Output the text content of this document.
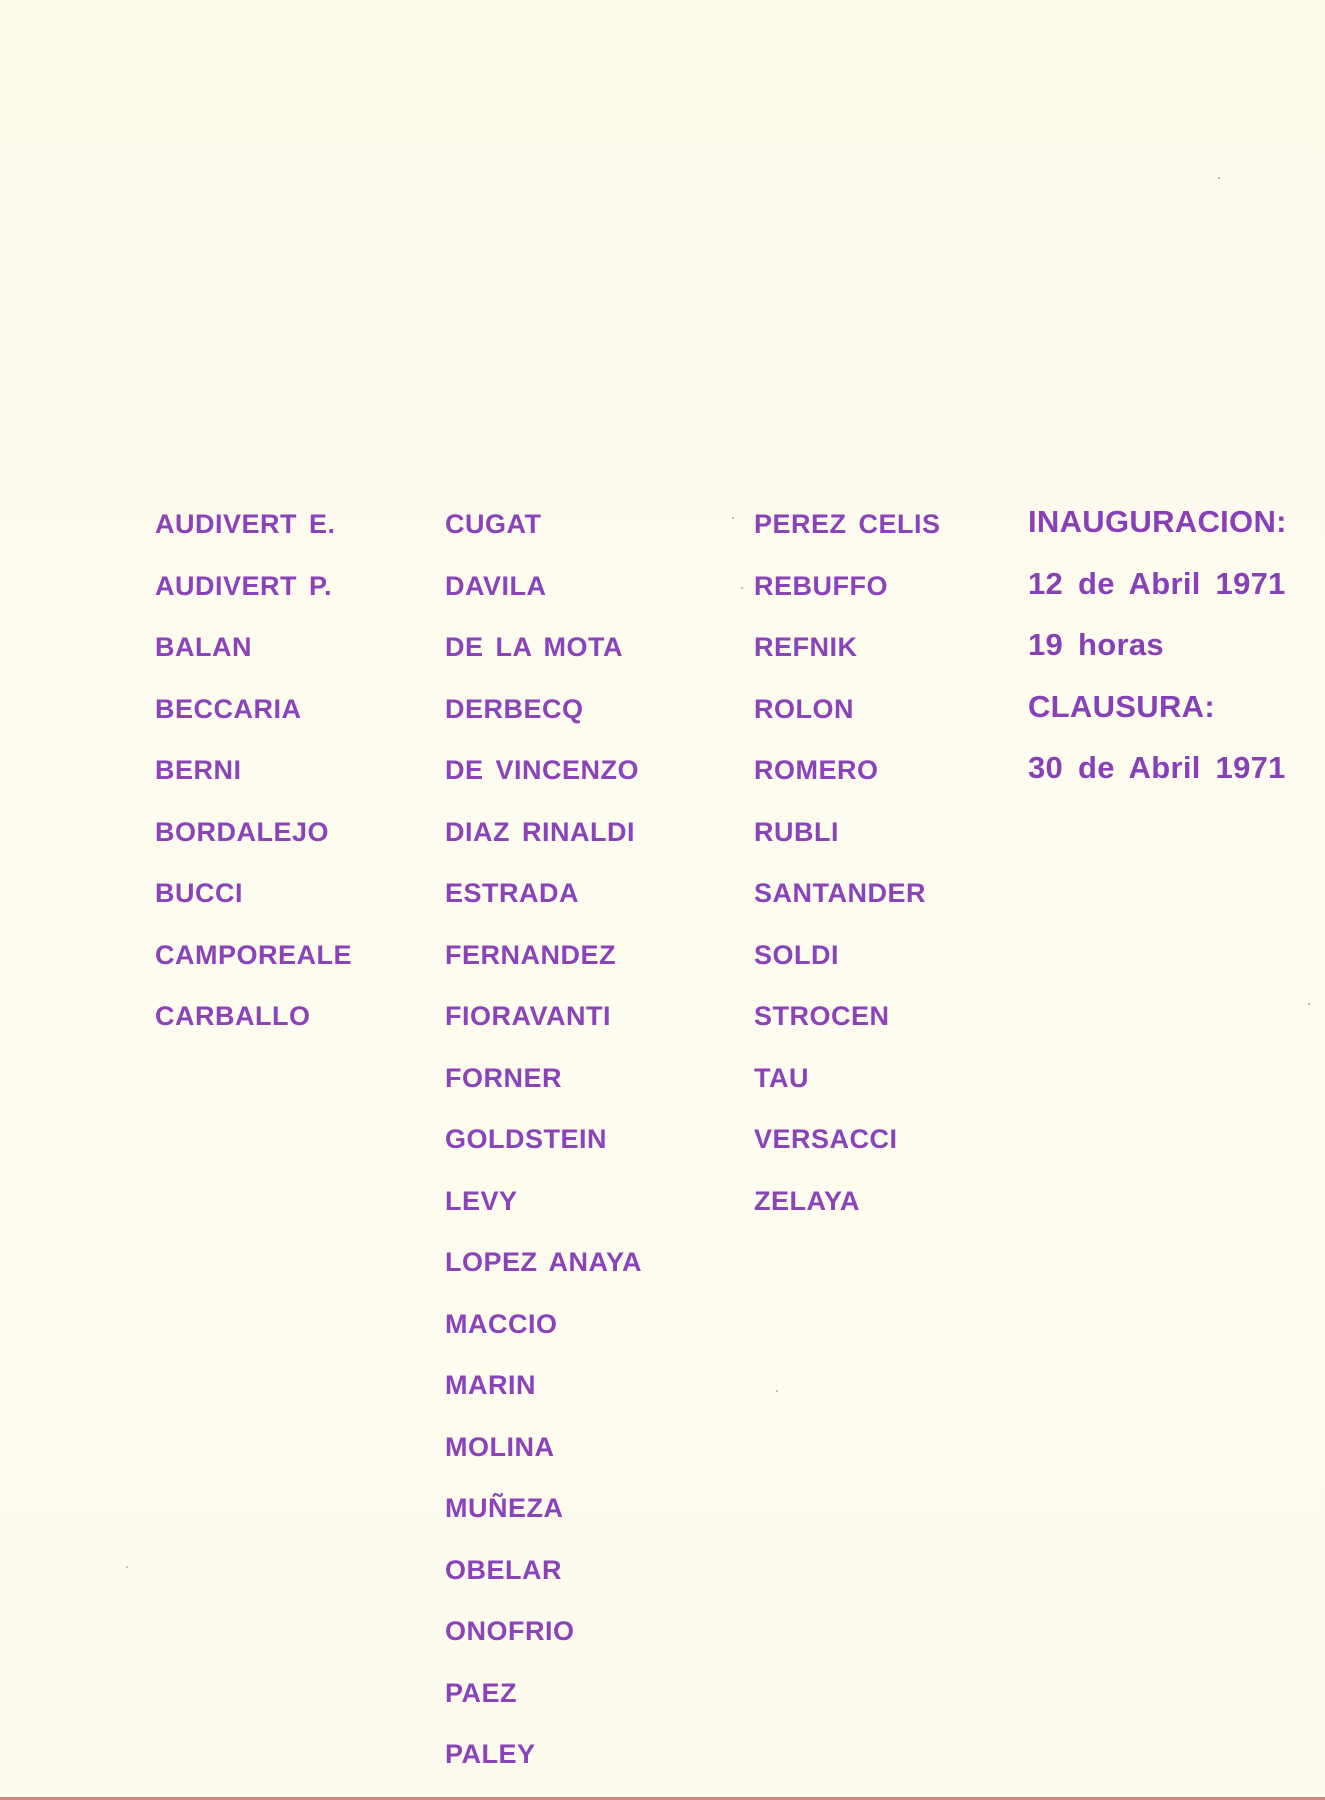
AUDIVERT E.
AUDIVERT P.
BALAN
BECCARIA
BERNI
BORDALEJO
BUCCI
CAMPOREALE
CARBALLO
CUGAT
DAVILA
DE LA MOTA
DERBECQ
DE VINCENZO
DIAZ RINALDI
ESTRADA
FERNANDEZ
FIORAVANTI
FORNER
GOLDSTEIN
LEVY
LOPEZ ANAYA
MACCIO
MARIN
MOLINA
MUÑEZA
OBELAR
ONOFRIO
PAEZ
PALEY
PEREZ CELIS
REBUFFO
REFNIK
ROLON
ROMERO
RUBLI
SANTANDER
SOLDI
STROCEN
TAU
VERSACCI
ZELAYA
INAUGURACION:
12 de Abril 1971
19 horas
CLAUSURA:
30 de Abril 1971
